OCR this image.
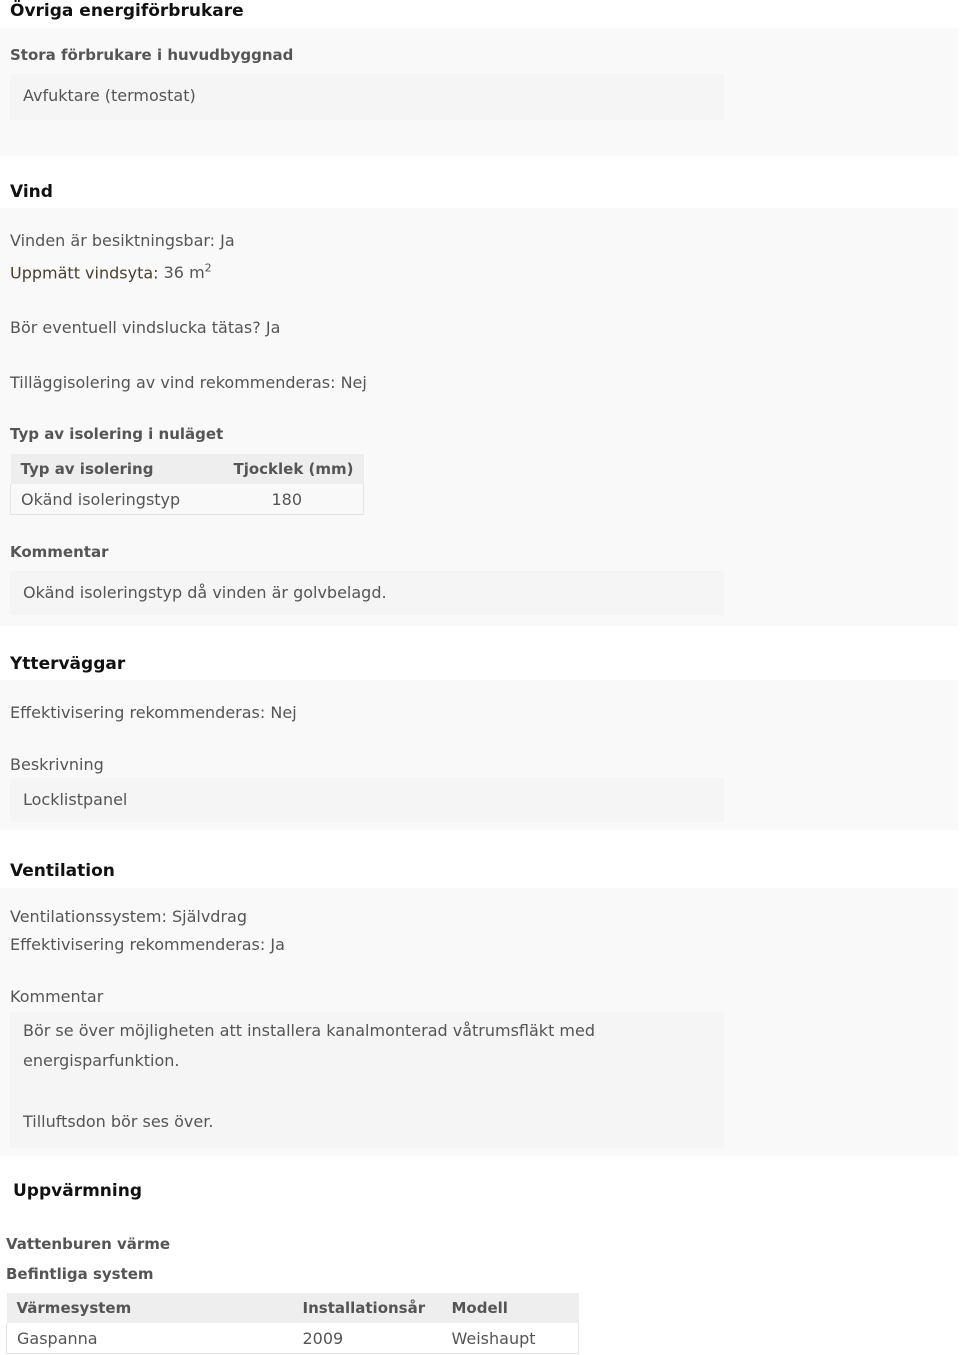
Övriga energiförbrukare
Stora förbrukare i huvudbyggnad
Avfuktare (termostat)
Vind
Vinden är besiktningsbar: Ja
Uppmätt vindsyta: 36 $m^2$
Bör eventuell vindslucka tätas? Ja
Tilläggisolering av vind rekommenderas: Nej
Typ av isolering i nuläget
Typ av isolering	Tjocklek (mm)
Okänd isoleringstyp	180
Kommentar
Okänd isoleringstyp då vinden är golvbelagd.
Ytterväggar
Effektivisering rekommenderas: Nej
Beskrivning
Locklistpanel
Ventilation
Ventilationssystem: Självdrag
Effektivisering rekommenderas: Ja
Kommentar
Bör se över möjligheten att installera kanalmonterad våtrumsfläkt med
energisparfunktion.
Tilluftsdon bör ses över.
Uppvärmning
Vattenburen värme
Befintliga system
Värmesystem	Installationsår	Modell
Gaspanna	2009	Weishaupt
